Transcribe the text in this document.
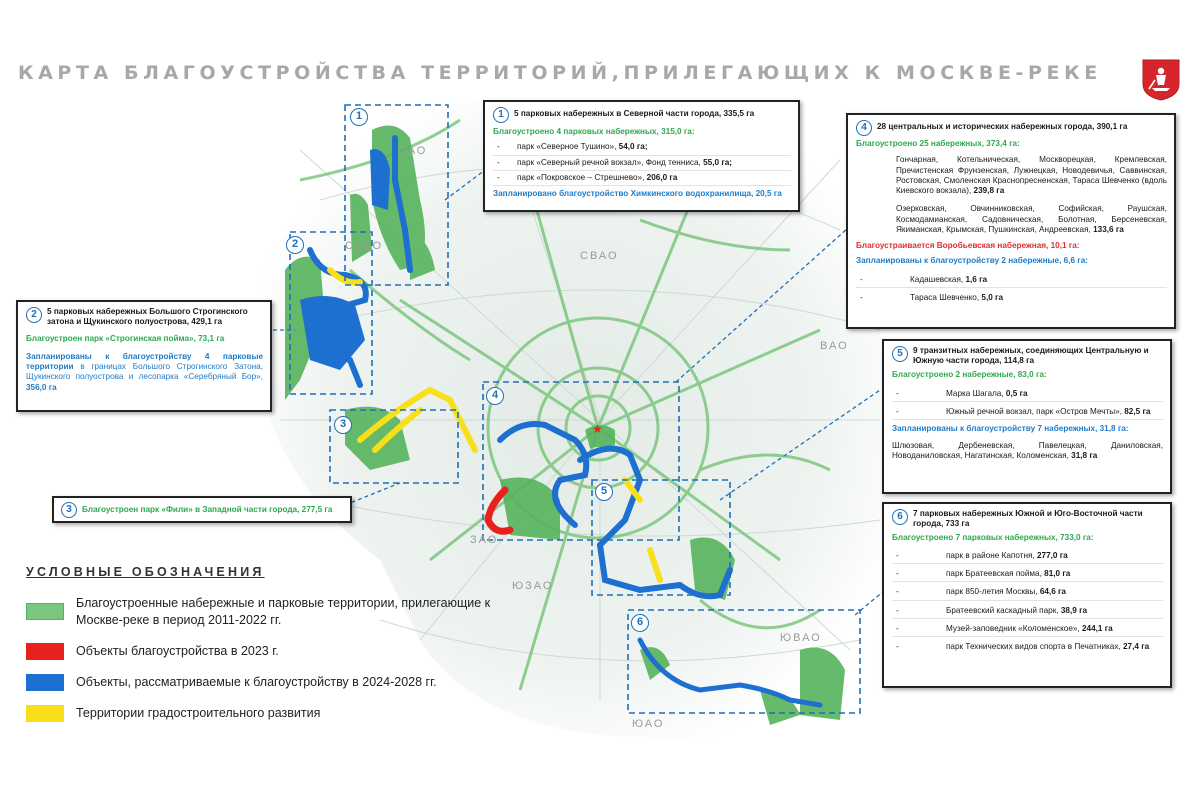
★
1
2
3
4
5
6
САО
СЗАО
СВАО
ВАО
ЗАО
ЮЗАО
ЮВАО
ЮАО
КАРТА БЛАГОУСТРОЙСТВА ТЕРРИТОРИЙ,ПРИЛЕГАЮЩИХ К МОСКВЕ-РЕКЕ
1	5 парковых набережных в Северной части города, 335,5 га
Благоустроено 4 парковых набережных, 315,0 га:
-	парк «Северное Тушино», 54,0 га;
-	парк «Северный речной вокзал», Фонд тенниса, 55,0 га;
-	парк «Покровское – Стрешнево», 206,0 га
Запланировано благоустройство Химкинского водохранилища, 20,5 га
2	5 парковых набережных Большого Строгинского затона и Щукинского полуострова, 429,1 га
Благоустроен парк «Строгинская пойма», 73,1 га
Запланированы к благоустройству 4 парковые территории в границах Большого Строгинского Затона, Щукинского полуострова и лесопарка «Серебряный Бор», 356,0 га
3	Благоустроен парк «Фили» в Западной части города, 277,5 га
4	28 центральных и исторических набережных города, 390,1 га
Благоустроено 25 набережных, 373,4 га:
Гончарная, Котельническая, Москворецкая, Кремлевская, Пречистенская Фрунзенская, Лужнецкая, Новодевичья, Саввинская, Ростовская, Смоленская Краснопресненская, Тараса Шевченко (вдоль Киевского вокзала), 239,8 га
Озерковская, Овчинниковская, Софийская, Раушская, Космодамианская, Садовническая, Болотная, Берсеневская, Якиманская, Крымская, Пушкинская, Андреевская, 133,6 га
Благоустраивается Воробьевская набережная, 10,1 га:
Запланированы к благоустройству 2 набережные, 6,6 га:
-	Кадашевская, 1,6 га
-	Тараса Шевченко, 5,0 га
5	9 транзитных набережных, соединяющих Центральную и Южную части города, 114,8 га
Благоустроено 2 набережные, 83,0 га:
-	Марка Шагала, 0,5 га
-	Южный речной вокзал, парк «Остров Мечты», 82,5 га
Запланированы к благоустройству 7 набережных, 31,8 га:
Шлюзовая, Дербеневская, Павелецкая, Даниловская, Новоданиловская, Нагатинская, Коломенская, 31,8 га
6	7 парковых набережных Южной и Юго-Восточной части города, 733 га
Благоустроено 7 парковых набережных, 733,0 га:
-	парк в районе Капотня, 277,0 га
-	парк Братеевская пойма, 81,0 га
-	парк 850-летия Москвы, 64,6 га
-	Братеевский каскадный парк, 38,9 га
-	Музей-заповедник «Коломенское», 244,1 га
-	парк Технических видов спорта в Печатниках, 27,4 га
УСЛОВНЫЕ ОБОЗНАЧЕНИЯ
Благоустроенные набережные и парковые территории, прилегающие к Москве-реке в период 2011-2022 гг.
Объекты благоустройства в 2023 г.
Объекты, рассматриваемые к благоустройству в 2024-2028 гг.
Территории градостроительного развития
